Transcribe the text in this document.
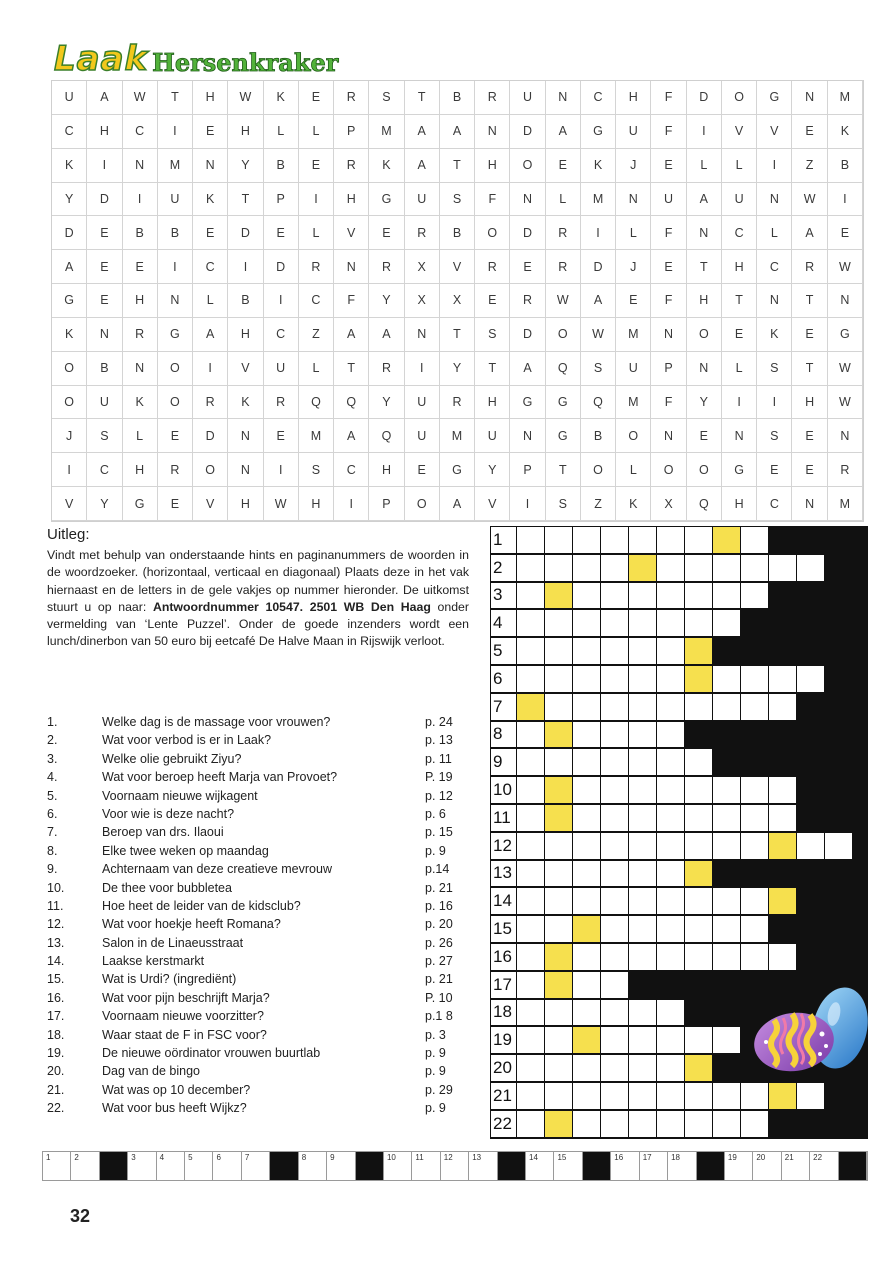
Laak Hersenkraker
U	A	W	T	H	W	K	E	R	S	T	B	R	U	N	C	H	F	D	O	G	N	M
C	H	C	I	E	H	L	L	P	M	A	A	N	D	A	G	U	F	I	V	V	E	K
K	I	N	M	N	Y	B	E	R	K	A	T	H	O	E	K	J	E	L	L	I	Z	B
Y	D	I	U	K	T	P	I	H	G	U	S	F	N	L	M	N	U	A	U	N	W	I
D	E	B	B	E	D	E	L	V	E	R	B	O	D	R	I	L	F	N	C	L	A	E
A	E	E	I	C	I	D	R	N	R	X	V	R	E	R	D	J	E	T	H	C	R	W
G	E	H	N	L	B	I	C	F	Y	X	X	E	R	W	A	E	F	H	T	N	T	N
K	N	R	G	A	H	C	Z	A	A	N	T	S	D	O	W	M	N	O	E	K	E	G
O	B	N	O	I	V	U	L	T	R	I	Y	T	A	Q	S	U	P	N	L	S	T	W
O	U	K	O	R	K	R	Q	Q	Y	U	R	H	G	G	Q	M	F	Y	I	I	H	W
J	S	L	E	D	N	E	M	A	Q	U	M	U	N	G	B	O	N	E	N	S	E	N
I	C	H	R	O	N	I	S	C	H	E	G	Y	P	T	O	L	O	O	G	E	E	R
V	Y	G	E	V	H	W	H	I	P	O	A	V	I	S	Z	K	X	Q	H	C	N	M
Uitleg:

Vindt met behulp van onderstaande hints en paginanummers de woorden in de woordzoeker. (horizontaal, verticaal en diagonaal) Plaats deze in het vak hiernaast en de letters in de gele vakjes op nummer hieronder. De uitkomst stuurt u op naar: Antwoordnummer 10547. 2501 WB Den Haag onder vermelding van ‘Lente Puzzel’. Onder de goede inzenders wordt een lunch/dinerbon van 50 euro bij eetcafé De Halve Maan in Rijswijk verloot.

1.	Welke dag is de massage voor vrouwen?	p. 24
2.	Wat voor verbod is er in Laak?	p. 13
3.	Welke olie gebruikt Ziyu?	p. 11
4.	Wat voor beroep heeft Marja van Provoet?	P. 19
5.	Voornaam nieuwe wijkagent	p. 12
6.	Voor wie is deze nacht?	p. 6
7.	Beroep van drs. Ilaoui	p. 15
8.	Elke twee weken op maandag	p. 9
9.	Achternaam van deze creatieve mevrouw	p.14
10.	De thee voor bubbletea	p. 21
11.	Hoe heet de leider van de kidsclub?	p. 16
12.	Wat voor hoekje heeft Romana?	p. 20
13.	Salon in de Linaeusstraat	p. 26
14.	Laakse kerstmarkt	p. 27
15.	Wat is Urdi? (ingrediënt)	p. 21
16.	Wat voor pijn beschrijft Marja?	P. 10
17.	Voornaam nieuwe voorzitter?	p.1 8
18.	Waar staat de F in FSC voor?	p. 3
19.	De nieuwe oördinator vrouwen buurtlab	p. 9
20.	Dag van de bingo	p. 9
21.	Wat was op 10 december?	p. 29
22.	Wat voor bus heeft Wijkz?	p. 9
1
2
3
4
5
6
7
8
9
10
11
12
13
14
15
16
17
18
19
20
21
22
1	2	3	4	5	6	7	8	9	10 11	12 13	14 15	16 17 18	19 20 21 22
32
